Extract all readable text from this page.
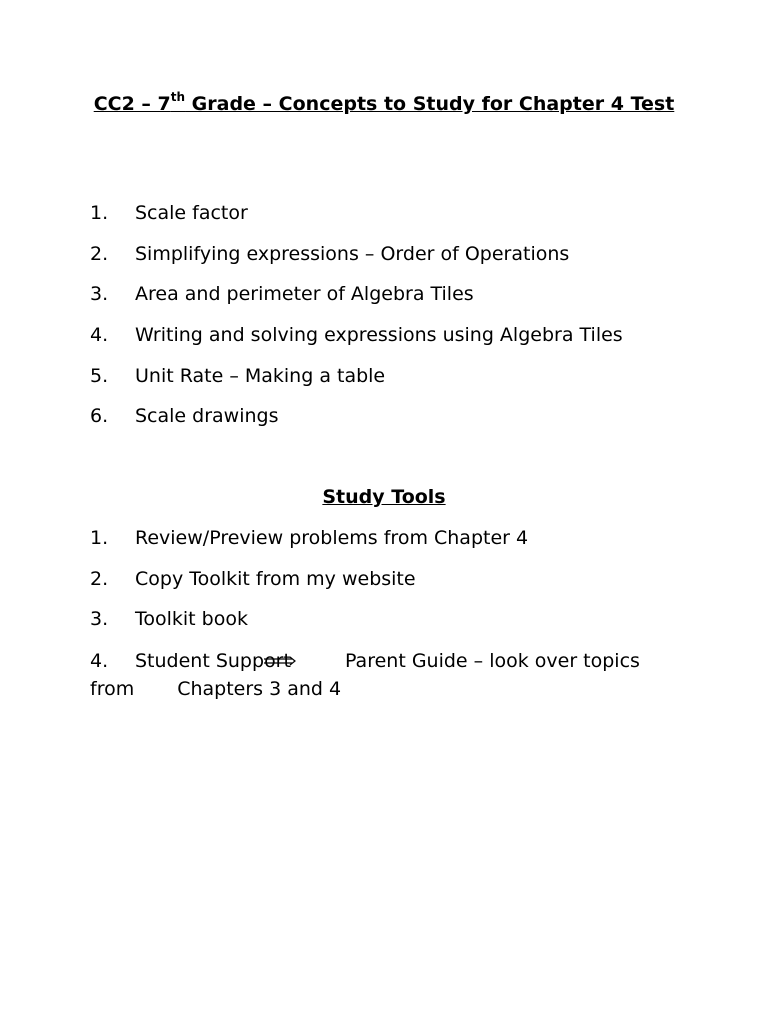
CC2 – 7th Grade – Concepts to Study for Chapter 4 Test
1. Scale factor
2. Simplifying expressions – Order of Operations
3. Area and perimeter of Algebra Tiles
4. Writing and solving expressions using Algebra Tiles
5. Unit Rate – Making a table
6. Scale drawings
Study Tools
1. Review/Preview problems from Chapter 4
2. Copy Toolkit from my website
3. Toolkit book
4. Student Support	Parent Guide – look over topics
from Chapters 3 and 4
